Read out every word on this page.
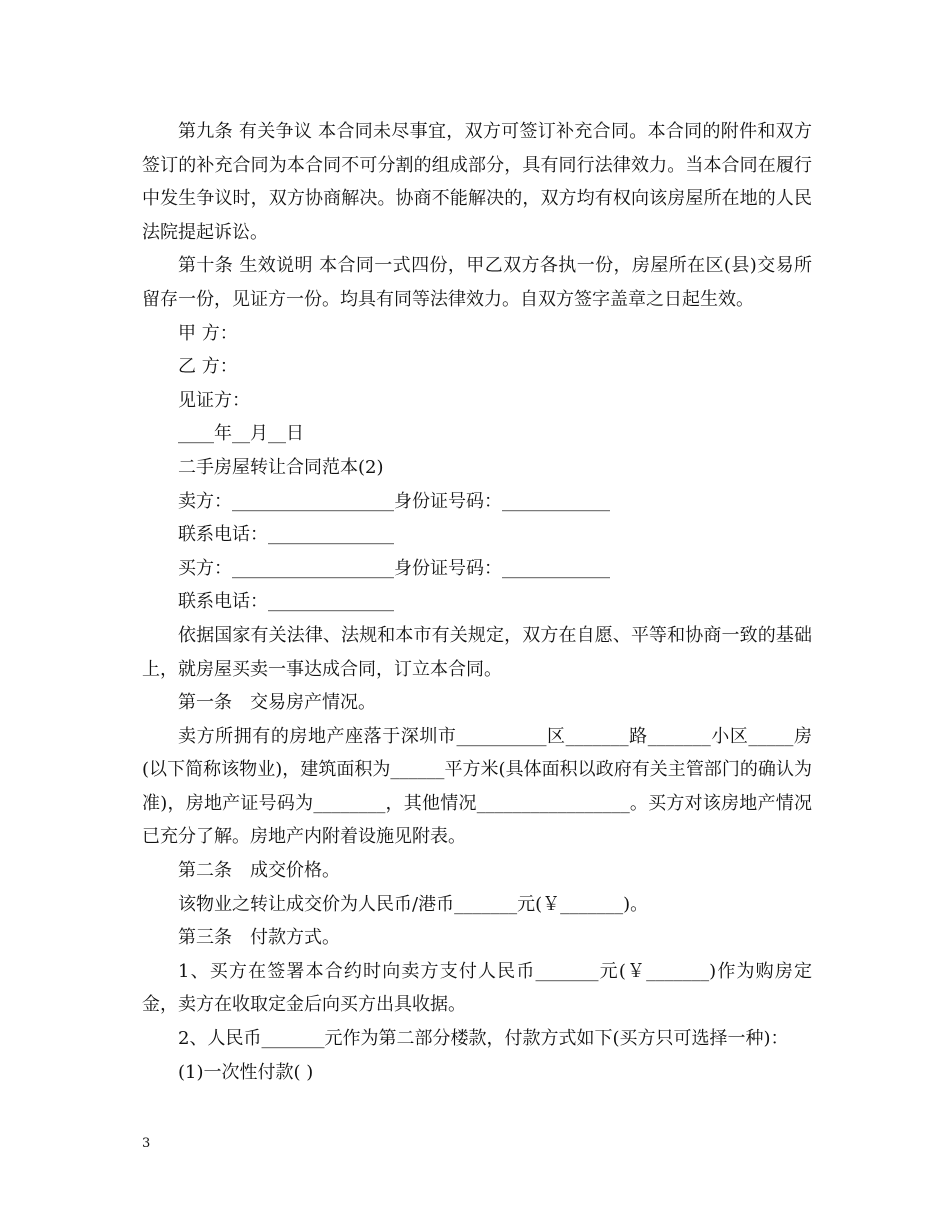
第九条 有关争议 本合同未尽事宜，双方可签订补充合同。本合同的附件和双方签订的补充合同为本合同不可分割的组成部分，具有同行法律效力。当本合同在履行中发生争议时，双方协商解决。协商不能解决的，双方均有权向该房屋所在地的人民法院提起诉讼。

第十条 生效说明 本合同一式四份，甲乙双方各执一份，房屋所在区(县)交易所留存一份，见证方一份。均具有同等法律效力。自双方签字盖章之日起生效。

甲 方：

乙 方：

见证方：

____年__月__日

二手房屋转让合同范本(2)

卖方：__________________身份证号码：____________

联系电话：______________

买方：__________________身份证号码：____________

联系电话：______________

依据国家有关法律、法规和本市有关规定，双方在自愿、平等和协商一致的基础上，就房屋买卖一事达成合同，订立本合同。

第一条　交易房产情况。

卖方所拥有的房地产座落于深圳市__________区_______路_______小区_____房(以下简称该物业)，建筑面积为______平方米(具体面积以政府有关主管部门的确认为准)，房地产证号码为________，其他情况_________________。买方对该房地产情况已充分了解。房地产内附着设施见附表。

第二条　成交价格。

该物业之转让成交价为人民币/港币_______元(￥_______)。

第三条　付款方式。

1、买方在签署本合约时向卖方支付人民币_______元(￥_______)作为购房定金，卖方在收取定金后向买方出具收据。

2、人民币_______元作为第二部分楼款，付款方式如下(买方只可选择一种)：

(1)一次性付款( )

3
